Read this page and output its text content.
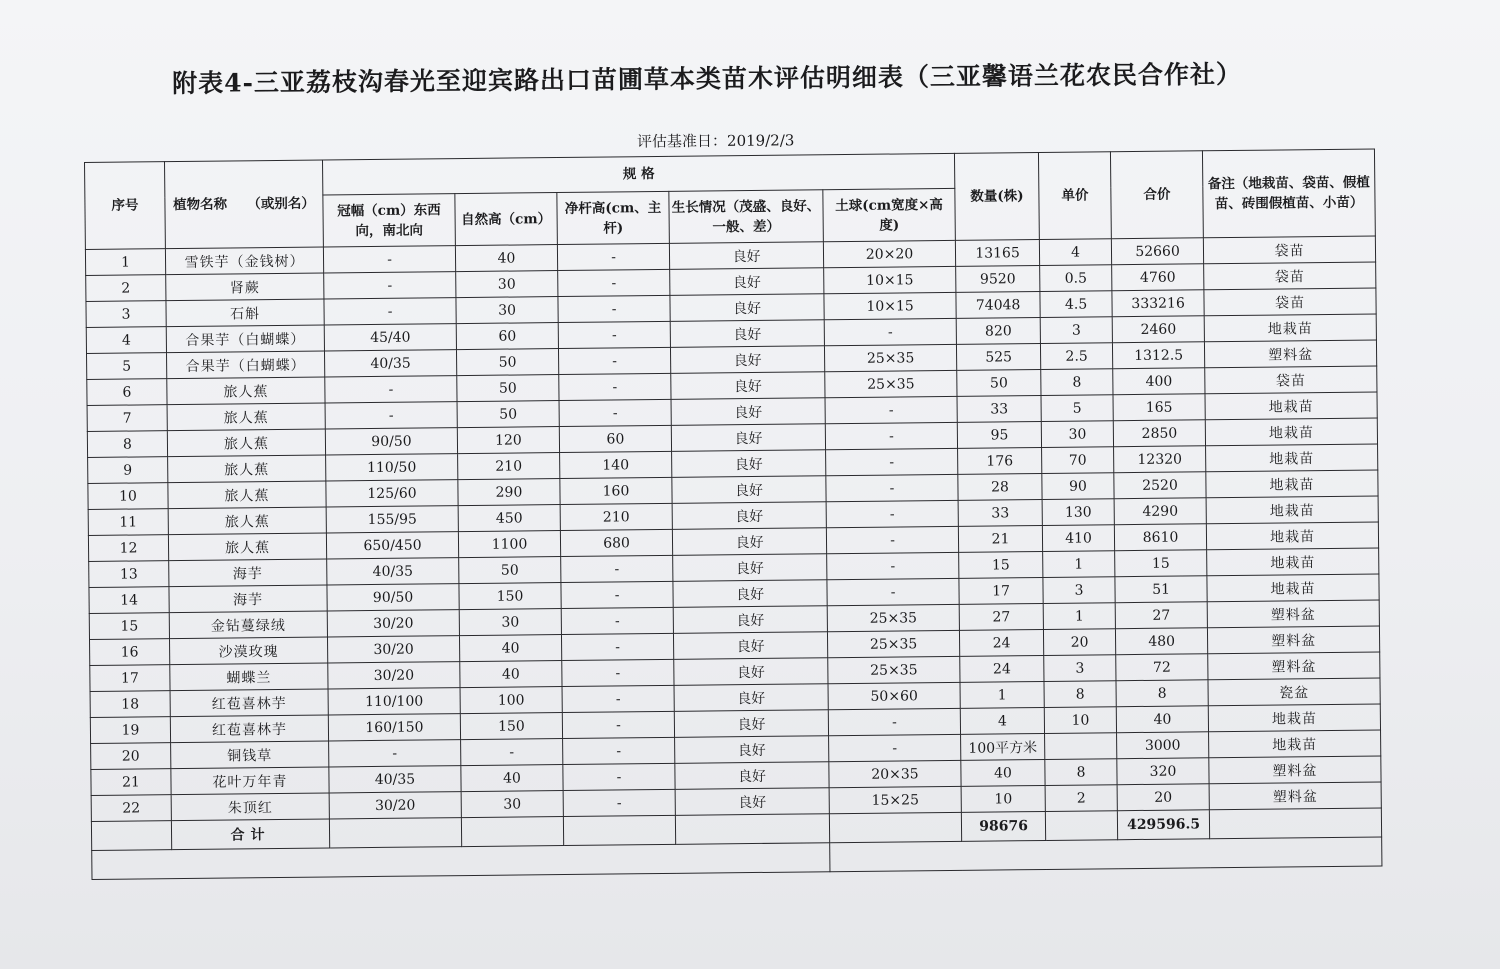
附表4-三亚荔枝沟春光至迎宾路出口苗圃草本类苗木评估明细表（三亚馨语兰花农民合作社）
评估基准日：2019/2/3
序号	植物名称　　（或别名）	规 格					数量(株)	单价	合价	备注（地栽苗、袋苗、假植苗、砖围假植苗、小苗）
		冠幅（cm）东西向，南北向	自然高（cm）	净杆高(cm、主杆)	生长情况（茂盛、良好、一般、差）	土球(cm宽度×高度)				
1	雪铁芋（金钱树）	-	40	-	良好	20×20	13165	4	52660	袋苗
2	肾蕨	-	30	-	良好	10×15	9520	0.5	4760	袋苗
3	石斛	-	30	-	良好	10×15	74048	4.5	333216	袋苗
4	合果芋（白蝴蝶）	45/40	60	-	良好	-	820	3	2460	地栽苗
5	合果芋（白蝴蝶）	40/35	50	-	良好	25×35	525	2.5	1312.5	塑料盆
6	旅人蕉	-	50	-	良好	25×35	50	8	400	袋苗
7	旅人蕉	-	50	-	良好	-	33	5	165	地栽苗
8	旅人蕉	90/50	120	60	良好	-	95	30	2850	地栽苗
9	旅人蕉	110/50	210	140	良好	-	176	70	12320	地栽苗
10	旅人蕉	125/60	290	160	良好	-	28	90	2520	地栽苗
11	旅人蕉	155/95	450	210	良好	-	33	130	4290	地栽苗
12	旅人蕉	650/450	1100	680	良好	-	21	410	8610	地栽苗
13	海芋	40/35	50	-	良好	-	15	1	15	地栽苗
14	海芋	90/50	150	-	良好	-	17	3	51	地栽苗
15	金钻蔓绿绒	30/20	30	-	良好	25×35	27	1	27	塑料盆
16	沙漠玫瑰	30/20	40	-	良好	25×35	24	20	480	塑料盆
17	蝴蝶兰	30/20	40	-	良好	25×35	24	3	72	塑料盆
18	红苞喜林芋	110/100	100	-	良好	50×60	1	8	8	瓷盆
19	红苞喜林芋	160/150	150	-	良好	-	4	10	40	地栽苗
20	铜钱草	-	-	-	良好	-	100平方米		3000	地栽苗
21	花叶万年青	40/35	40	-	良好	20×35	40	8	320	塑料盆
22	朱顶红	30/20	30	-	良好	15×25	10	2	20	塑料盆
	合计						98676		429596.5	
